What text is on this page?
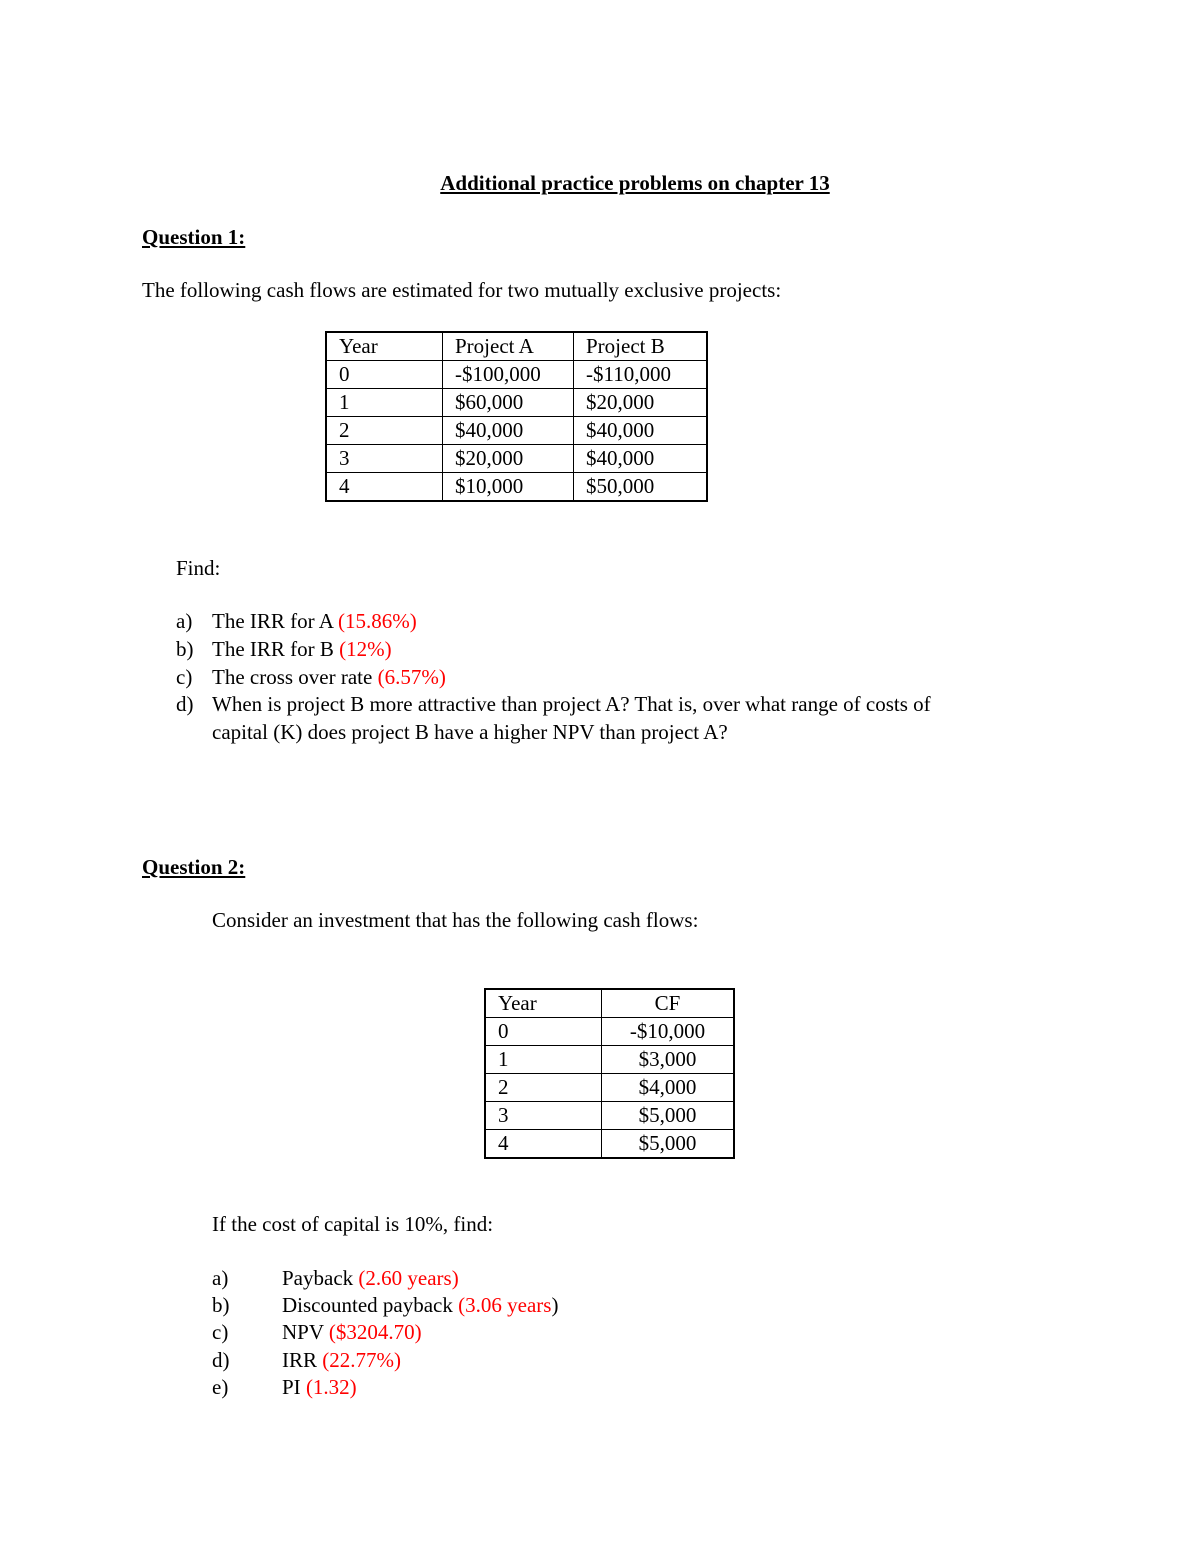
Additional practice problems on chapter 13
Question 1:
The following cash flows are estimated for two mutually exclusive projects:
Year	Project A	Project B
0	-$100,000	-$110,000
1	$60,000	$20,000
2	$40,000	$40,000
3	$20,000	$40,000
4	$10,000	$50,000
Find:
a) The IRR for A (15.86%)
b) The IRR for B (12%)
c) The cross over rate (6.57%)
d) When is project B more attractive than project A? That is, over what range of costs of
capital (K) does project B have a higher NPV than project A?
Question 2:
Consider an investment that has the following cash flows:
Year	CF
0	-$10,000
1	$3,000
2	$4,000
3	$5,000
4	$5,000
If the cost of capital is 10%, find:
a)	Payback (2.60 years)
b)	Discounted payback (3.06 years)
c)	NPV ($3204.70)
d)	IRR (22.77%)
e)	PI (1.32)
